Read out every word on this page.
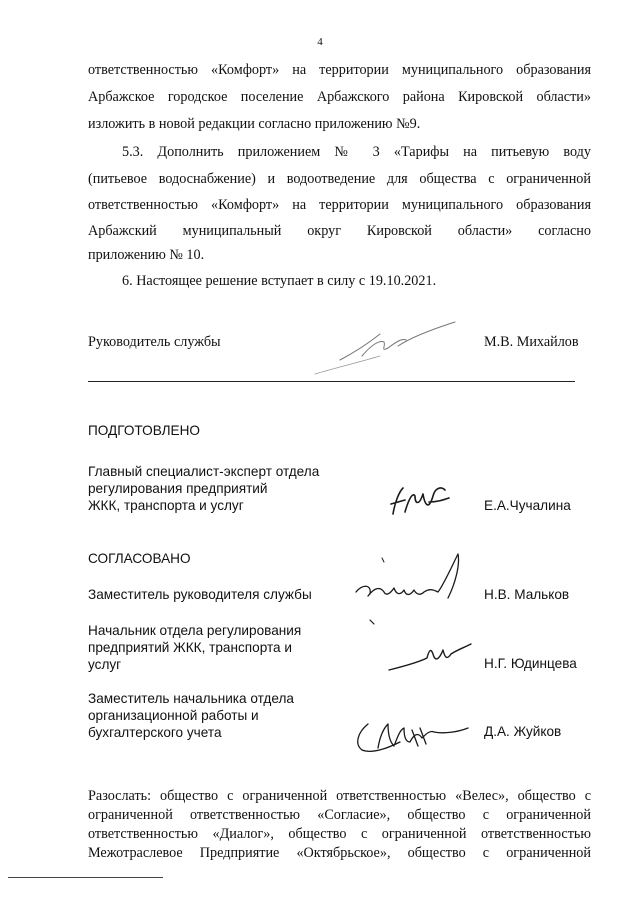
4
ответственностью «Комфорт» на территории муниципального образования
Арбажское городское поселение Арбажского района Кировской области»
изложить в новой редакции согласно приложению №9.
5.3. Дополнить приложением № 3 «Тарифы на питьевую воду
(питьевое водоснабжение) и водоотведение для общества с ограниченной
ответственностью «Комфорт» на территории муниципального образования
Арбажский муниципальный округ Кировской области» согласно
приложению № 10.
6. Настоящее решение вступает в силу с 19.10.2021.
Руководитель службы	М.В. Михайлов
ПОДГОТОВЛЕНО
Главный специалист-эксперт отдела
регулирования предприятий
ЖКК, транспорта и услуг	Е.А.Чучалина
СОГЛАСОВАНО
Заместитель руководителя службы	Н.В. Мальков
Начальник отдела регулирования
предприятий ЖКК, транспорта и
услуг	Н.Г. Юдинцева
Заместитель начальника отдела
организационной работы и
бухгалтерского учета	Д.А. Жуйков
Разослать: общество с ограниченной ответственностью «Велес», общество с
ограниченной ответственностью «Согласие», общество с ограниченной
ответственностью «Диалог», общество с ограниченной ответственностью
Межотраслевое Предприятие «Октябрьское», общество с ограниченной
